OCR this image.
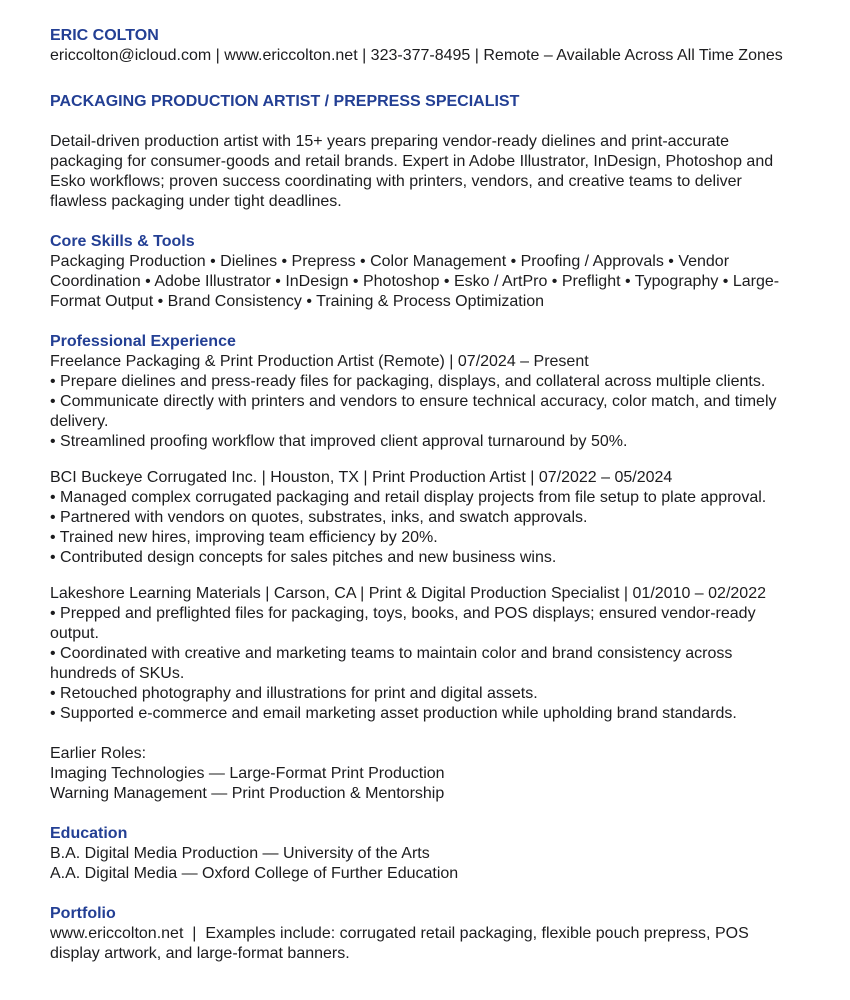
ERIC COLTON

ericcolton@icloud.com | www.ericcolton.net | 323-377-8495 | Remote – Available Across All Time Zones

PACKAGING PRODUCTION ARTIST / PREPRESS SPECIALIST

Detail-driven production artist with 15+ years preparing vendor-ready dielines and print-accurate packaging for consumer-goods and retail brands. Expert in Adobe Illustrator, InDesign, Photoshop and Esko workflows; proven success coordinating with printers, vendors, and creative teams to deliver flawless packaging under tight deadlines.

Core Skills & Tools

Packaging Production • Dielines • Prepress • Color Management • Proofing / Approvals • Vendor Coordination • Adobe Illustrator • InDesign • Photoshop • Esko / ArtPro • Preflight • Typography • Large-Format Output • Brand Consistency • Training & Process Optimization

Professional Experience

Freelance Packaging & Print Production Artist (Remote) | 07/2024 – Present

• Prepare dielines and press-ready files for packaging, displays, and collateral across multiple clients.

• Communicate directly with printers and vendors to ensure technical accuracy, color match, and timely delivery.

• Streamlined proofing workflow that improved client approval turnaround by 50%.

BCI Buckeye Corrugated Inc. | Houston, TX | Print Production Artist | 07/2022 – 05/2024

• Managed complex corrugated packaging and retail display projects from file setup to plate approval.

• Partnered with vendors on quotes, substrates, inks, and swatch approvals.

• Trained new hires, improving team efficiency by 20%.

• Contributed design concepts for sales pitches and new business wins.

Lakeshore Learning Materials | Carson, CA | Print & Digital Production Specialist | 01/2010 – 02/2022

• Prepped and preflighted files for packaging, toys, books, and POS displays; ensured vendor-ready output.

• Coordinated with creative and marketing teams to maintain color and brand consistency across hundreds of SKUs.

• Retouched photography and illustrations for print and digital assets.

• Supported e-commerce and email marketing asset production while upholding brand standards.

Earlier Roles:

Imaging Technologies — Large-Format Print Production

Warning Management — Print Production & Mentorship

Education

B.A. Digital Media Production — University of the Arts

A.A. Digital Media — Oxford College of Further Education

Portfolio

www.ericcolton.net  |  Examples include: corrugated retail packaging, flexible pouch prepress, POS display artwork, and large-format banners.
